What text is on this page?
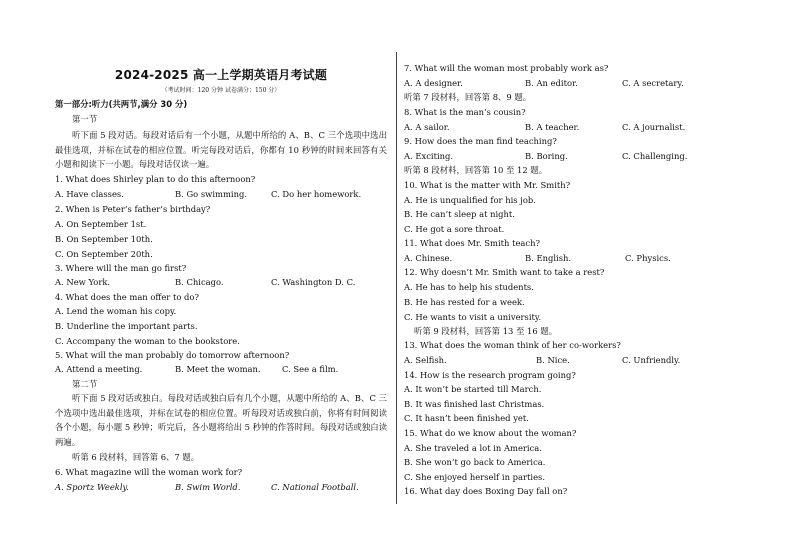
2024-2025 高一上学期英语月考试题
（考试时间：120 分钟 试卷满分：150 分）
第一部分:听力(共两节,满分 30 分)
第一节
听下面 5 段对话。每段对话后有一个小题，从题中所给的 A、B、C 三个选项中选出最佳选项，并标在试卷的相应位置。听完每段对话后，你都有 10 秒钟的时间来回答有关小题和阅读下一小题。每段对话仅读一遍。
1. What does Shirley plan to do this afternoon?
A. Have classes.	B. Go swimming.	C. Do her homework.
2. When is Peter’s father’s birthday?
A. On September 1st.
B. On September 10th.
C. On September 20th.
3. Where will the man go first?
A. New York.	B. Chicago.	C. Washington D. C.
4. What does the man offer to do?
A. Lend the woman his copy.
B. Underline the important parts.
C. Accompany the woman to the bookstore.
5. What will the man probably do tomorrow afternoon?
A. Attend a meeting.	B. Meet the woman.	C. See a film.
第二节
听下面 5 段对话或独白。每段对话或独白后有几个小题，从题中所给的 A、B、C 三个选项中选出最佳选项，并标在试卷的相应位置。听每段对话或独白前，你将有时间阅读各个小题，每小题 5 秒钟；听完后，各小题将给出 5 秒钟的作答时间。每段对话或独白读两遍。
听第 6 段材料，回答第 6、7 题。
6. What magazine will the woman work for?
A. Sportz Weekly.	B. Swim World.	C. National Football.
7. What will the woman most probably work as?
A. A designer.	B. An editor.	C. A secretary.
听第 7 段材料，回答第 8、9 题。
8. What is the man’s cousin?
A. A sailor.	B. A teacher.	C. A journalist.
9. How does the man find teaching?
A. Exciting.	B. Boring.	C. Challenging.
听第 8 段材料，回答第 10 至 12 题。
10. What is the matter with Mr. Smith?
A. He is unqualified for his job.
B. He can’t sleep at night.
C. He got a sore throat.
11. What does Mr. Smith teach?
A. Chinese.	B. English.	C. Physics.
12. Why doesn’t Mr. Smith want to take a rest?
A. He has to help his students.
B. He has rested for a week.
C. He wants to visit a university.
听第 9 段材料，回答第 13 至 16 题。
13. What does the woman think of her co-workers?
A. Selfish.	B. Nice.	C. Unfriendly.
14. How is the research program going?
A. It won’t be started till March.
B. It was finished last Christmas.
C. It hasn’t been finished yet.
15. What do we know about the woman?
A. She traveled a lot in America.
B. She won’t go back to America.
C. She enjoyed herself in parties.
16. What day does Boxing Day fall on?
